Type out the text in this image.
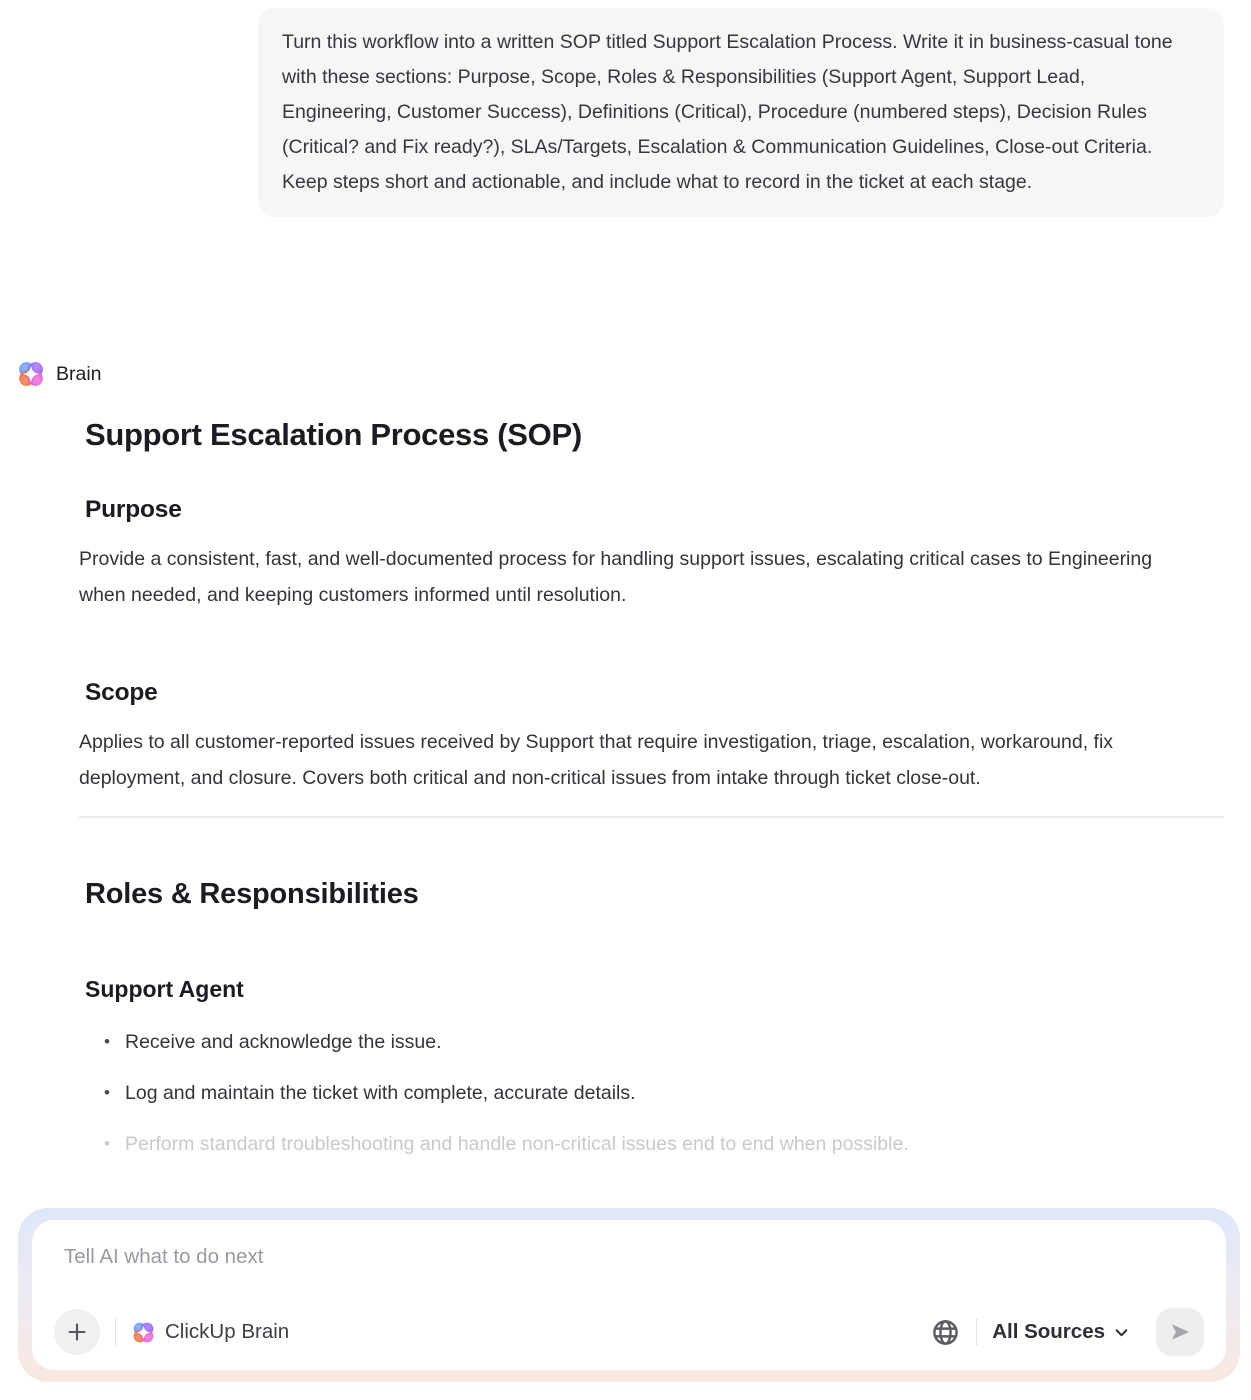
Turn this workflow into a written SOP titled Support Escalation Process. Write it in business-casual tone with these sections: Purpose, Scope, Roles & Responsibilities (Support Agent, Support Lead, Engineering, Customer Success), Definitions (Critical), Procedure (numbered steps), Decision Rules (Critical? and Fix ready?), SLAs/Targets, Escalation & Communication Guidelines, Close-out Criteria. Keep steps short and actionable, and include what to record in the ticket at each stage.
Brain
Support Escalation Process (SOP)
Purpose

Provide a consistent, fast, and well-documented process for handling support issues, escalating critical cases to Engineering when needed, and keeping customers informed until resolution.

Scope

Applies to all customer-reported issues received by Support that require investigation, triage, escalation, workaround, fix deployment, and closure. Covers both critical and non-critical issues from intake through ticket close-out.

Roles & Responsibilities
Support Agent
• Receive and acknowledge the issue.
• Log and maintain the ticket with complete, accurate details.
• Perform standard troubleshooting and handle non-critical issues end to end when possible.
Tell AI what to do next
ClickUp Brain	All Sources
